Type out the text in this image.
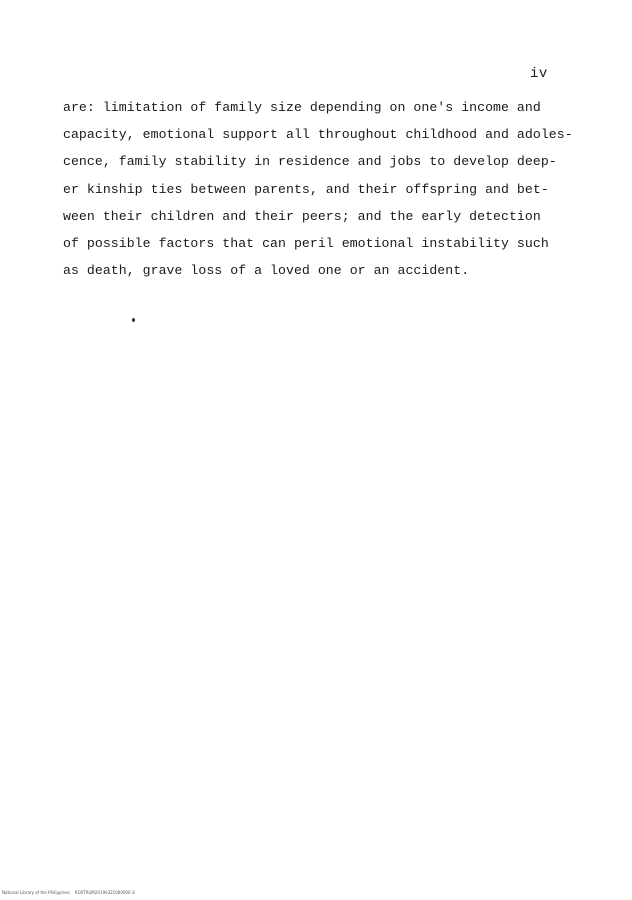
iv
are: limitation of family size depending on one's income and
capacity, emotional support all throughout childhood and adoles-
cence, family stability in residence and jobs to develop deep-
er kinship ties between parents, and their offspring and bet-
ween their children and their peers; and the early detection
of possible factors that can peril emotional instability such
as death, grave loss of a loved one or an accident.
National Library of the Philippines    ROSTRUM20190321000000 iii
